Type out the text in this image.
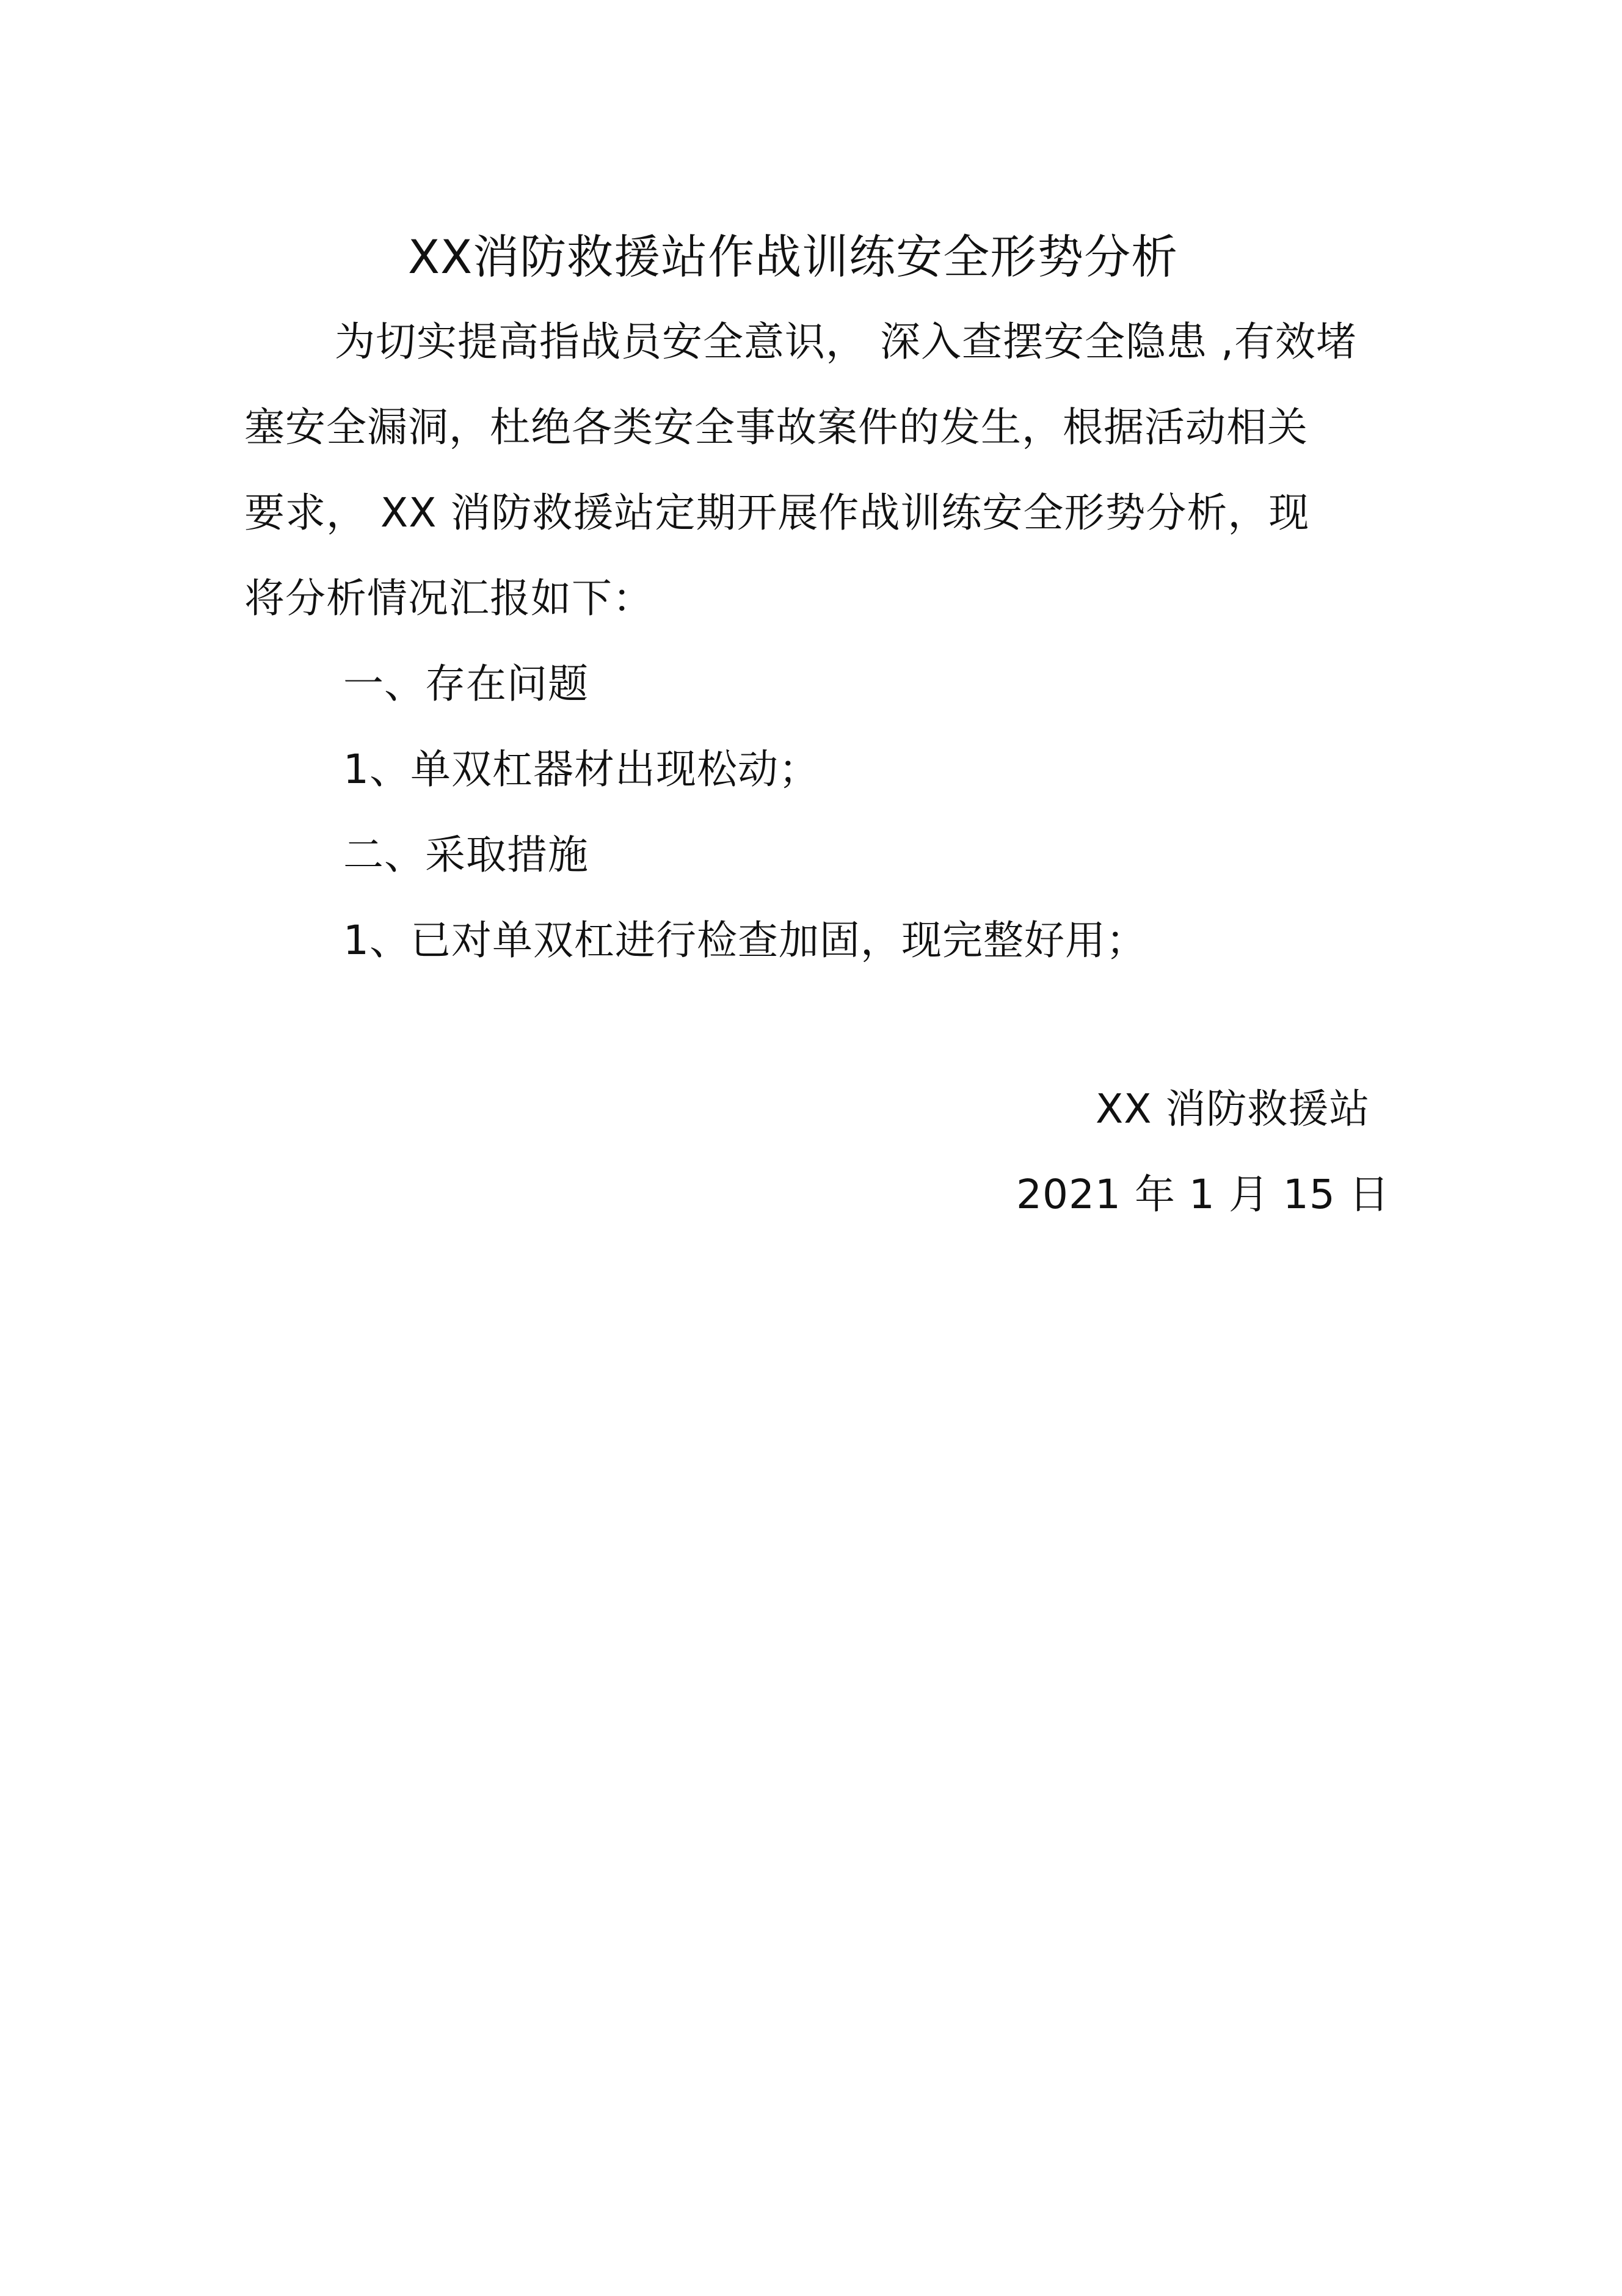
XX消防救援站作战训练安全形势分析
为切实提高指战员安全意识， 深入查摆安全隐患 ,有效堵
塞安全漏洞，杜绝各类安全事故案件的发生，根据活动相关
要求， XX 消防救援站定期开展作战训练安全形势分析，现
将分析情况汇报如下：
一、存在问题
1、单双杠器材出现松动；
二、采取措施
1、已对单双杠进行检查加固，现完整好用；
XX 消防救援站
2021 年 1 月 15 日
